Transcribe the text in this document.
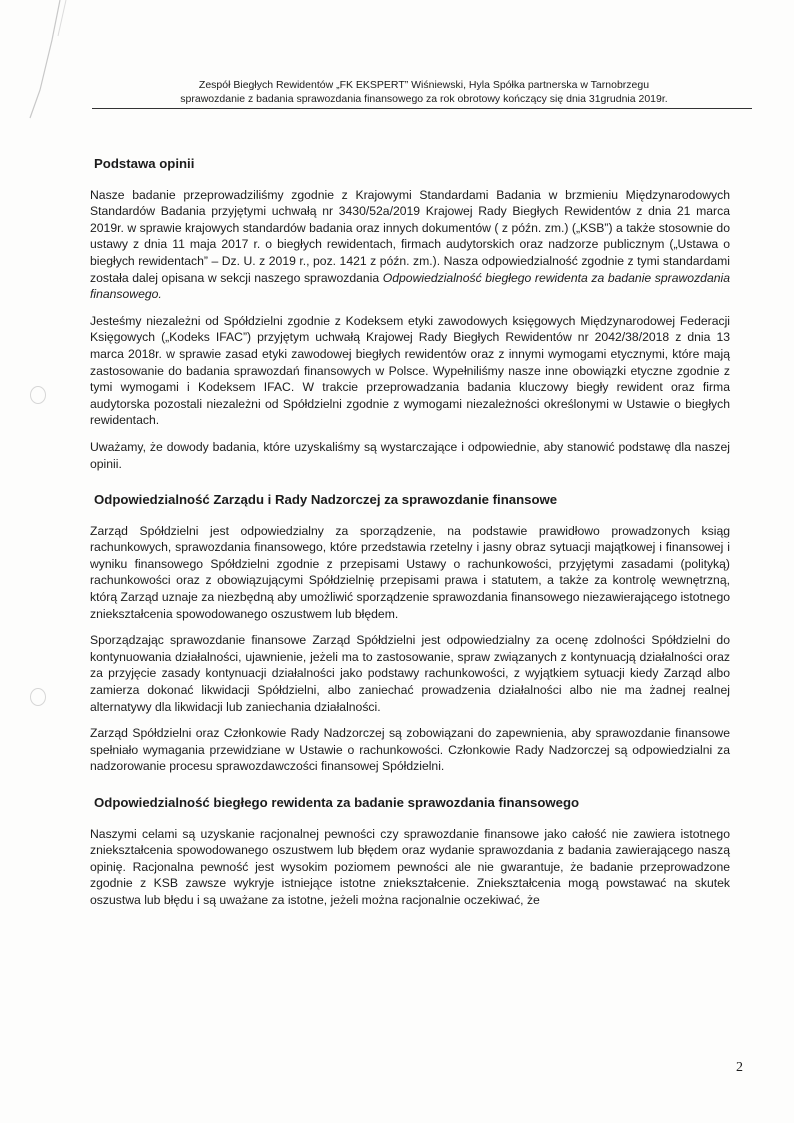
Zespół Biegłych Rewidentów „FK EKSPERT” Wiśniewski, Hyla Spółka partnerska w Tarnobrzegu
sprawozdanie z badania sprawozdania finansowego za rok obrotowy kończący się dnia 31grudnia 2019r.
Podstawa opinii

Nasze badanie przeprowadziliśmy zgodnie z Krajowymi Standardami Badania w brzmieniu Międzynarodowych Standardów Badania przyjętymi uchwałą nr 3430/52a/2019 Krajowej Rady Biegłych Rewidentów z dnia 21 marca 2019r. w sprawie krajowych standardów badania oraz innych dokumentów ( z późn. zm.) („KSB”) a także stosownie do ustawy z dnia 11 maja 2017 r. o biegłych rewidentach, firmach audytorskich oraz nadzorze publicznym („Ustawa o biegłych rewidentach” – Dz. U. z 2019 r., poz. 1421 z późn. zm.). Nasza odpowiedzialność zgodnie z tymi standardami została dalej opisana w sekcji naszego sprawozdania Odpowiedzialność biegłego rewidenta za badanie sprawozdania finansowego.

Jesteśmy niezależni od Spółdzielni zgodnie z Kodeksem etyki zawodowych księgowych Międzynarodowej Federacji Księgowych („Kodeks IFAC”) przyjętym uchwałą Krajowej Rady Biegłych Rewidentów nr 2042/38/2018 z dnia 13 marca 2018r. w sprawie zasad etyki zawodowej biegłych rewidentów oraz z innymi wymogami etycznymi, które mają zastosowanie do badania sprawozdań finansowych w Polsce. Wypełniliśmy nasze inne obowiązki etyczne zgodnie z tymi wymogami i Kodeksem IFAC. W trakcie przeprowadzania badania kluczowy biegły rewident oraz firma audytorska pozostali niezależni od Spółdzielni zgodnie z wymogami niezależności określonymi w Ustawie o biegłych rewidentach.

Uważamy, że dowody badania, które uzyskaliśmy są wystarczające i odpowiednie, aby stanowić podstawę dla naszej opinii.

Odpowiedzialność Zarządu i Rady Nadzorczej za sprawozdanie finansowe

Zarząd Spółdzielni jest odpowiedzialny za sporządzenie, na podstawie prawidłowo prowadzonych ksiąg rachunkowych, sprawozdania finansowego, które przedstawia rzetelny i jasny obraz sytuacji majątkowej i finansowej i wyniku finansowego Spółdzielni zgodnie z przepisami Ustawy o rachunkowości, przyjętymi zasadami (polityką) rachunkowości oraz z obowiązującymi Spółdzielnię przepisami prawa i statutem, a także za kontrolę wewnętrzną, którą Zarząd uznaje za niezbędną aby umożliwić sporządzenie sprawozdania finansowego niezawierającego istotnego zniekształcenia spowodowanego oszustwem lub błędem.

Sporządzając sprawozdanie finansowe Zarząd Spółdzielni jest odpowiedzialny za ocenę zdolności Spółdzielni do kontynuowania działalności, ujawnienie, jeżeli ma to zastosowanie, spraw związanych z kontynuacją działalności oraz za przyjęcie zasady kontynuacji działalności jako podstawy rachunkowości, z wyjątkiem sytuacji kiedy Zarząd albo zamierza dokonać likwidacji Spółdzielni, albo zaniechać prowadzenia działalności albo nie ma żadnej realnej alternatywy dla likwidacji lub zaniechania działalności.

Zarząd Spółdzielni oraz Członkowie Rady Nadzorczej są zobowiązani do zapewnienia, aby sprawozdanie finansowe spełniało wymagania przewidziane w Ustawie o rachunkowości. Członkowie Rady Nadzorczej są odpowiedzialni za nadzorowanie procesu sprawozdawczości finansowej Spółdzielni.

Odpowiedzialność biegłego rewidenta za badanie sprawozdania finansowego

Naszymi celami są uzyskanie racjonalnej pewności czy sprawozdanie finansowe jako całość nie zawiera istotnego zniekształcenia spowodowanego oszustwem lub błędem oraz wydanie sprawozdania z badania zawierającego naszą opinię. Racjonalna pewność jest wysokim poziomem pewności ale nie gwarantuje, że badanie przeprowadzone zgodnie z KSB zawsze wykryje istniejące istotne zniekształcenie. Zniekształcenia mogą powstawać na skutek oszustwa lub błędu i są uważane za istotne, jeżeli można racjonalnie oczekiwać, że

2
